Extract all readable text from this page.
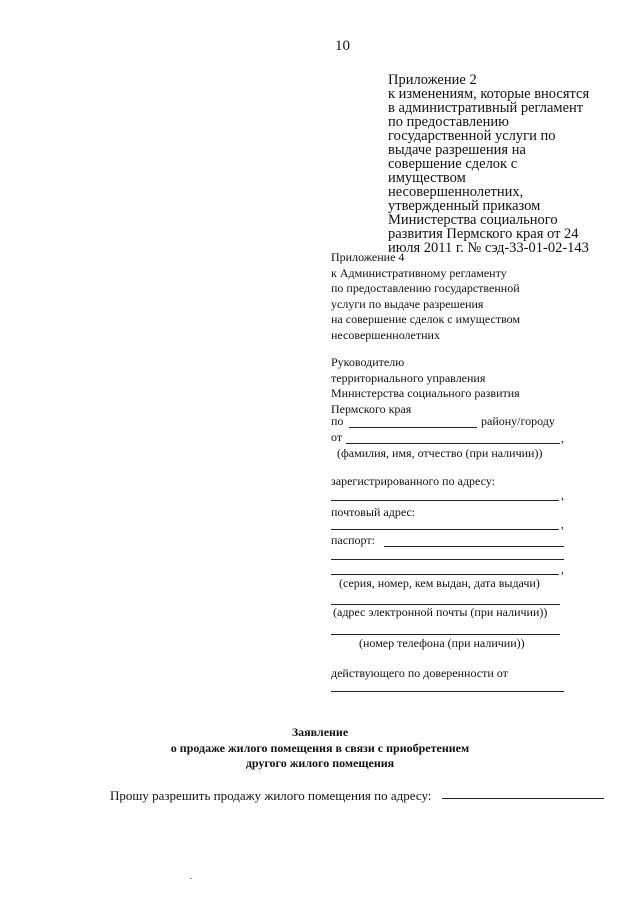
10
Приложение 2
к изменениям, которые вносятся
в административный регламент
по предоставлению
государственной услуги по
выдаче разрешения на
совершение сделок с
имуществом
несовершеннолетних,
утвержденный приказом
Министерства социального
развития Пермского края от 24
июля 2011 г. № сэд-33-01-02-143
Приложение 4
к Административному регламенту
по предоставлению государственной
услуги по выдаче разрешения
на совершение сделок с имуществом
несовершеннолетних
Руководителю
территориального управления
Министерства социального развития
Пермского края
по	району/городу
от	,
(фамилия, имя, отчество (при наличии))
зарегистрированного по адресу:
,
почтовый адрес:
,
паспорт:
,
(серия, номер, кем выдан, дата выдачи)
(адрес электронной почты (при наличии))
(номер телефона (при наличии))
действующего по доверенности от
Заявление
о продаже жилого помещения в связи с приобретением
другого жилого помещения
Прошу разрешить продажу жилого помещения по адресу:
